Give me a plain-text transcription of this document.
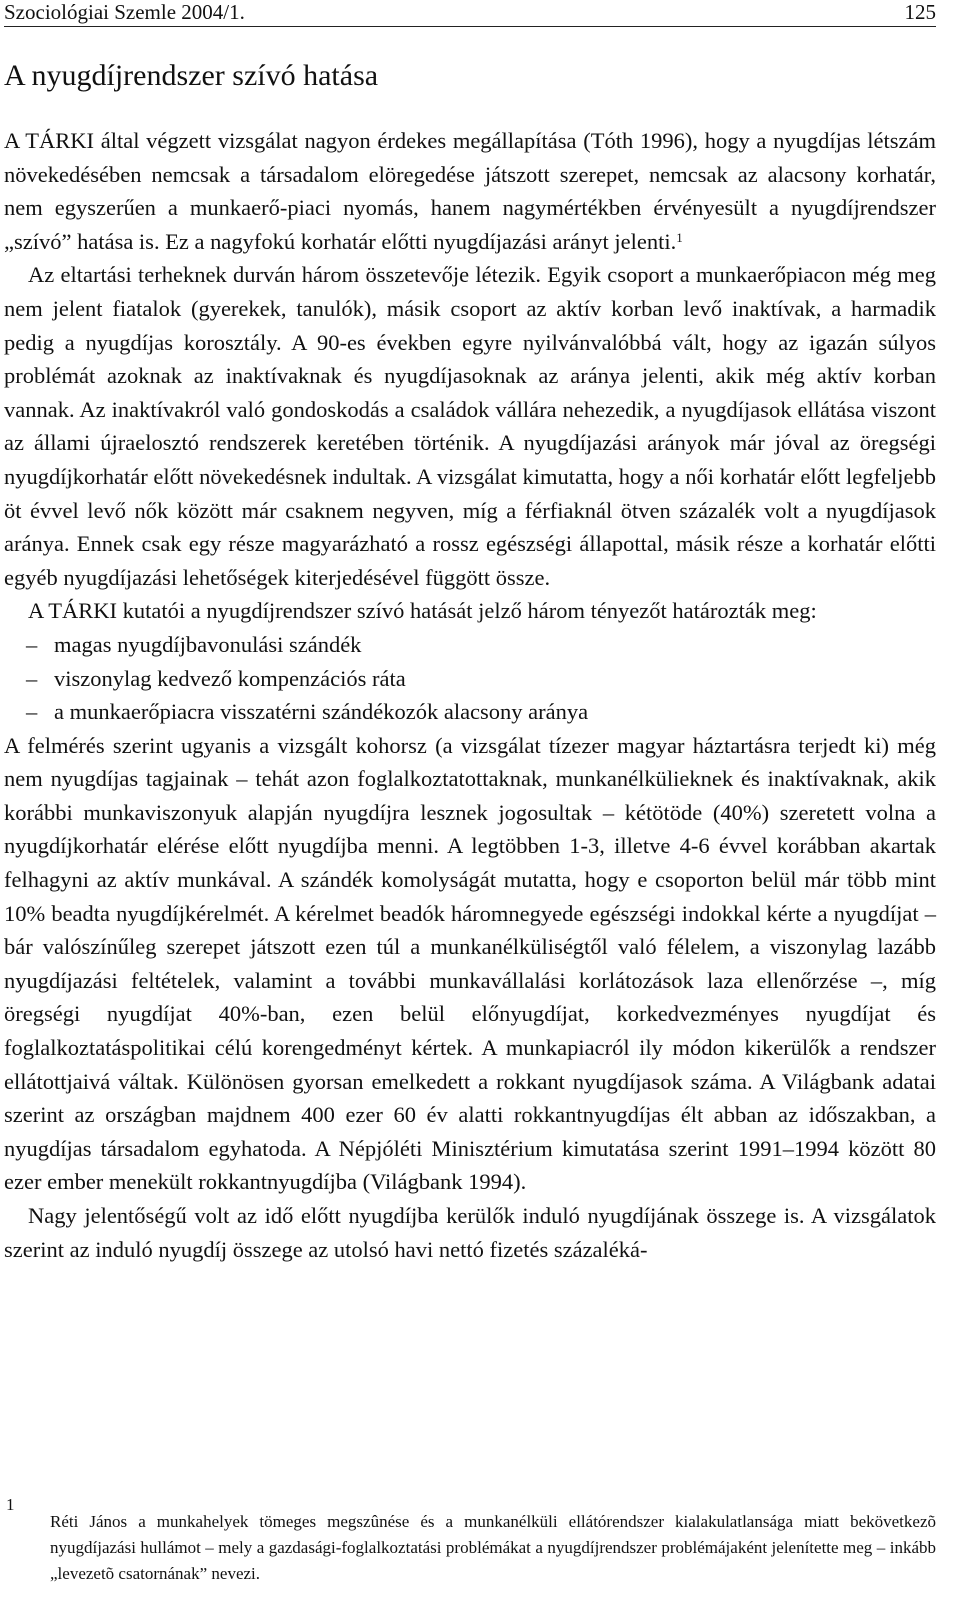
Szociológiai Szemle 2004/1.	125
A nyugdíjrendszer szívó hatása

A TÁRKI által végzett vizsgálat nagyon érdekes megállapítása (Tóth 1996), hogy a nyugdíjas létszám növekedésében nemcsak a társadalom elöregedése játszott szerepet, nemcsak az alacsony korhatár, nem egyszerűen a munkaerő-piaci nyomás, hanem nagymértékben érvényesült a nyugdíjrendszer „szívó” hatása is. Ez a nagyfokú korhatár előtti nyugdíjazási arányt jelenti.$^1$

Az eltartási terheknek durván három összetevője létezik. Egyik csoport a munkaerőpiacon még meg nem jelent fiatalok (gyerekek, tanulók), másik csoport az aktív korban levő inaktívak, a harmadik pedig a nyugdíjas korosztály. A 90-es években egyre nyilvánvalóbbá vált, hogy az igazán súlyos problémát azoknak az inaktívaknak és nyugdíjasoknak az aránya jelenti, akik még aktív korban vannak. Az inaktívakról való gondoskodás a családok vállára nehezedik, a nyugdíjasok ellátása viszont az állami újraelosztó rendszerek keretében történik. A nyugdíjazási arányok már jóval az öregségi nyugdíjkorhatár előtt növekedésnek indultak. A vizsgálat kimutatta, hogy a női korhatár előtt legfeljebb öt évvel levő nők között már csaknem negyven, míg a férfiaknál ötven százalék volt a nyugdíjasok aránya. Ennek csak egy része magyarázható a rossz egészségi állapottal, másik része a korhatár előtti egyéb nyugdíjazási lehetőségek kiterjedésével függött össze.

A TÁRKI kutatói a nyugdíjrendszer szívó hatását jelző három tényezőt határozták meg:

– magas nyugdíjbavonulási szándék

– viszonylag kedvező kompenzációs ráta

– a munkaerőpiacra visszatérni szándékozók alacsony aránya

A felmérés szerint ugyanis a vizsgált kohorsz (a vizsgálat tízezer magyar háztartásra terjedt ki) még nem nyugdíjas tagjainak – tehát azon foglalkoztatottaknak, munkanélkülieknek és inaktívaknak, akik korábbi munkaviszonyuk alapján nyugdíjra lesznek jogosultak – kétötöde (40%) szeretett volna a nyugdíjkorhatár elérése előtt nyugdíjba menni. A legtöbben 1-3, illetve 4-6 évvel korábban akartak felhagyni az aktív munkával. A szándék komolyságát mutatta, hogy e csoporton belül már több mint 10% beadta nyugdíjkérelmét. A kérelmet beadók háromnegyede egészségi indokkal kérte a nyugdíjat – bár valószínűleg szerepet játszott ezen túl a munkanélküliségtől való félelem, a viszonylag lazább nyugdíjazási feltételek, valamint a további munkavállalási korlátozások laza ellenőrzése –, míg öregségi nyugdíjat 40%-ban, ezen belül előnyugdíjat, korkedvezményes nyugdíjat és foglalkoztatáspolitikai célú korengedményt kértek. A munkapiacról ily módon kikerülők a rendszer ellátottjaivá váltak. Különösen gyorsan emelkedett a rokkant nyugdíjasok száma. A Világbank adatai szerint az országban majdnem 400 ezer 60 év alatti rokkantnyugdíjas élt abban az időszakban, a nyugdíjas társadalom egyhatoda. A Népjóléti Minisztérium kimutatása szerint 1991–1994 között 80 ezer ember menekült rokkantnyugdíjba (Világbank 1994).

Nagy jelentőségű volt az idő előtt nyugdíjba kerülők induló nyugdíjának összege is. A vizsgálatok szerint az induló nyugdíj összege az utolsó havi nettó fizetés százaléká-

1

Réti János a munkahelyek tömeges megszûnése és a munkanélküli ellátórendszer kialakulatlansága miatt bekövetkezõ nyugdíjazási hullámot – mely a gazdasági-foglalkoztatási problémákat a nyugdíjrendszer problémájaként jelenítette meg – inkább „levezetõ csatornának” nevezi.
